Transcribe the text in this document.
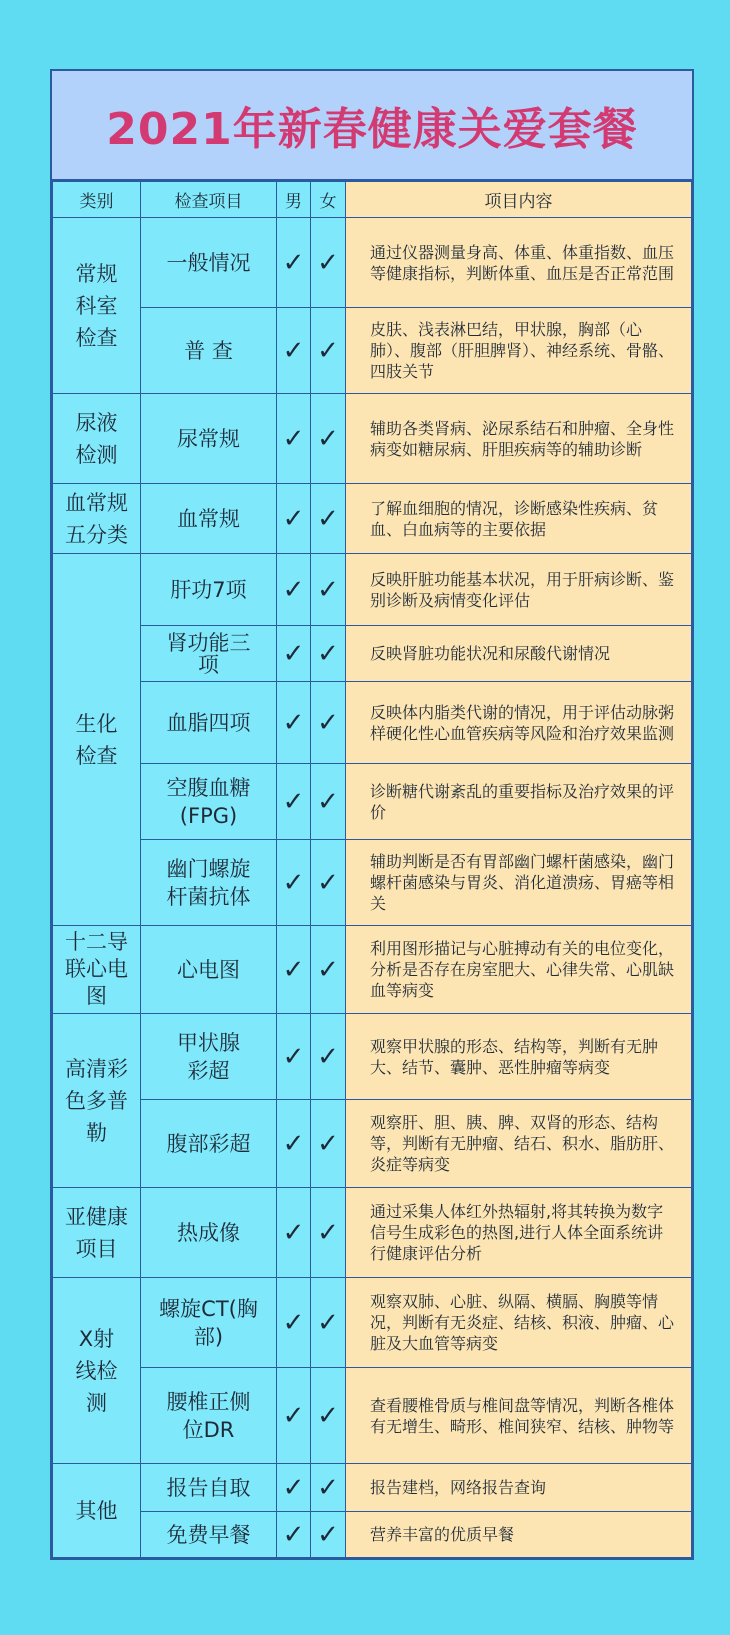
2021年新春健康关爱套餐
类别	检查项目	男	女	项目内容

常规科室检查	一般情况	✓	✓	通过仪器测量身高、体重、体重指数、血压等健康指标，判断体重、血压是否正常范围
	普 查	✓	✓	皮肤、浅表淋巴结，甲状腺，胸部（心肺）、腹部（肝胆脾肾）、神经系统、骨骼、四肢关节

尿液检测	尿常规	✓	✓	辅助各类肾病、泌尿系结石和肿瘤、全身性病变如糖尿病、肝胆疾病等的辅助诊断

血常规五分类	血常规	✓	✓	了解血细胞的情况，诊断感染性疾病、贫血、白血病等的主要依据

生化检查	肝功7项	✓	✓	反映肝脏功能基本状况，用于肝病诊断、鉴别诊断及病情变化评估

	肾功能三项	✓	✓	反映肾脏功能状况和尿酸代谢情况
	血脂四项	✓	✓	反映体内脂类代谢的情况，用于评估动脉粥样硬化性心血管疾病等风险和治疗效果监测

	空腹血糖(FPG)	✓	✓	诊断糖代谢紊乱的重要指标及治疗效果的评价

	幽门螺旋杆菌抗体	✓	✓	辅助判断是否有胃部幽门螺杆菌感染，幽门螺杆菌感染与胃炎、消化道溃疡、胃癌等相关

十二导联心电图	心电图	✓	✓	利用图形描记与心脏搏动有关的电位变化，分析是否存在房室肥大、心律失常、心肌缺血等病变

高清彩色多普勒	甲状腺彩超	✓	✓	观察甲状腺的形态、结构等，判断有无肿大、结节、囊肿、恶性肿瘤等病变
	腹部彩超	✓	✓	观察肝、胆、胰、脾、双肾的形态、结构等，判断有无肿瘤、结石、积水、脂肪肝、炎症等病变

亚健康项目	热成像	✓	✓	通过采集人体红外热辐射,将其转换为数字信号生成彩色的热图,进行人体全面系统讲行健康评估分析

X射线检测	螺旋CT(胸部)	✓	✓	观察双肺、心脏、纵隔、横膈、胸膜等情况，判断有无炎症、结核、积液、肿瘤、心脏及大血管等病变

	腰椎正侧位DR	✓	✓	查看腰椎骨质与椎间盘等情况，判断各椎体有无增生、畸形、椎间狭窄、结核、肿物等
其他	报告自取	✓	✓	报告建档，网络报告查询
	免费早餐	✓	✓	营养丰富的优质早餐
